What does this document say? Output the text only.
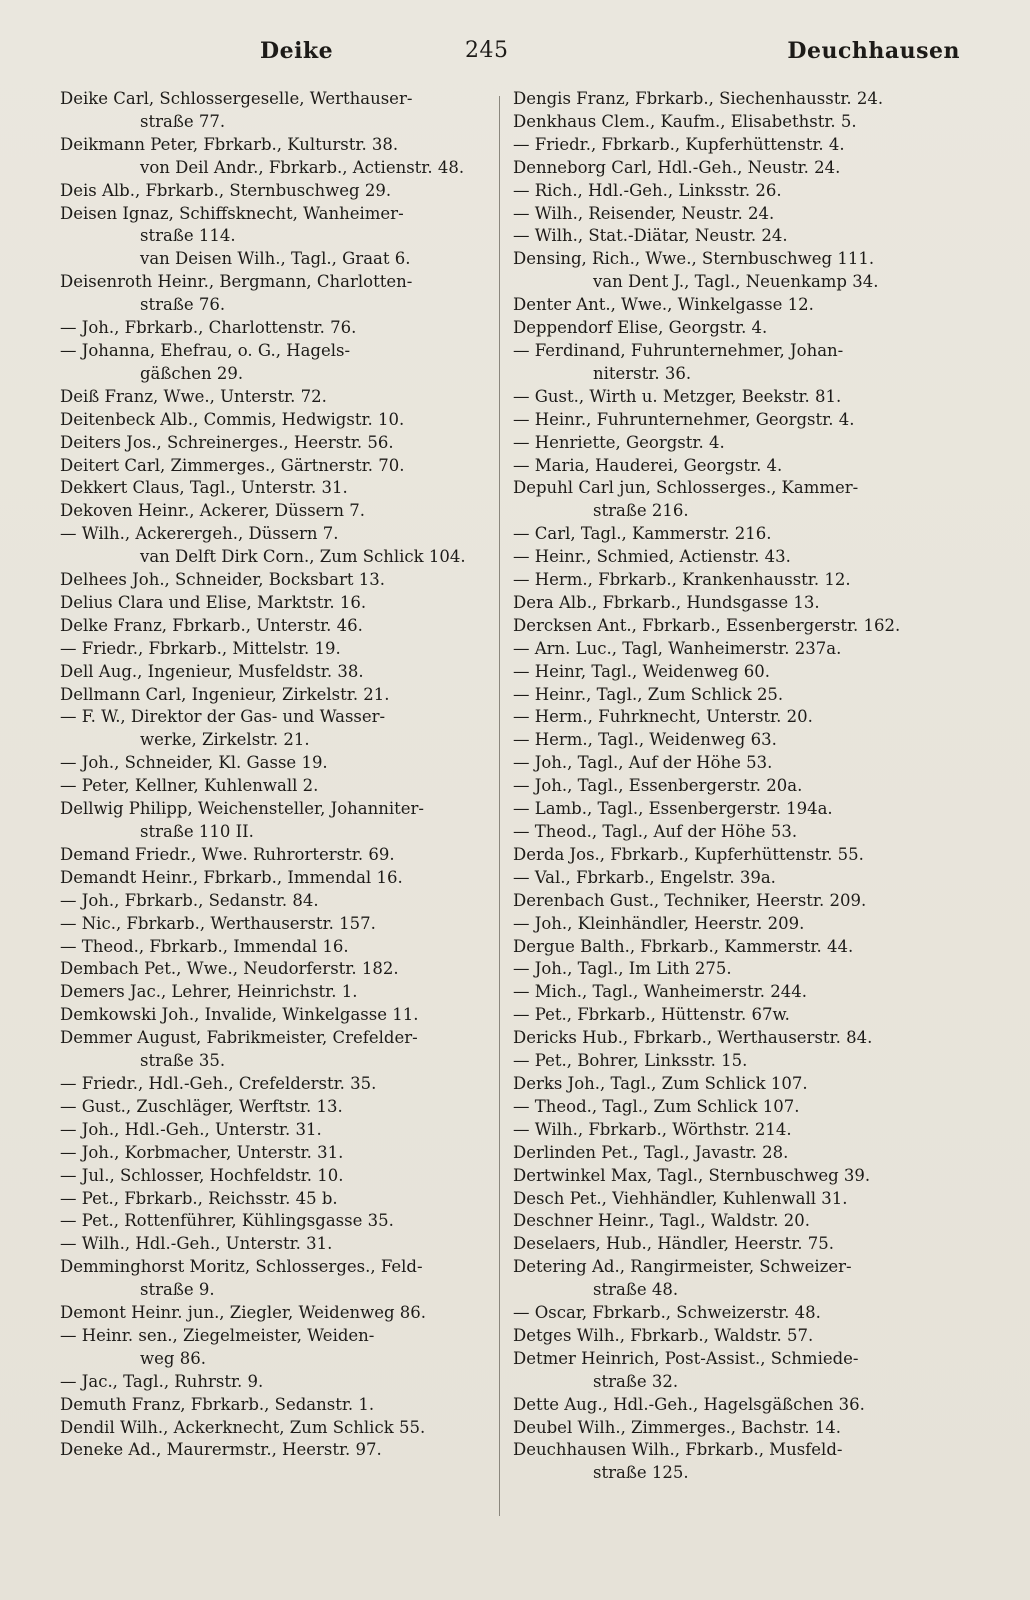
Deike	245	Deuchhausen
Deike Carl, Schlossergeselle, Werthauser-
straße 77.
Deikmann Peter, Fbrkarb., Kulturstr. 38.
von Deil Andr., Fbrkarb., Actienstr. 48.
Deis Alb., Fbrkarb., Sternbuschweg 29.
Deisen Ignaz, Schiffsknecht, Wanheimer-
straße 114.
van Deisen Wilh., Tagl., Graat 6.
Deisenroth Heinr., Bergmann, Charlotten-
straße 76.
— Joh., Fbrkarb., Charlottenstr. 76.
— Johanna, Ehefrau, o. G., Hagels-
gäßchen 29.
Deiß Franz, Wwe., Unterstr. 72.
Deitenbeck Alb., Commis, Hedwigstr. 10.
Deiters Jos., Schreinerges., Heerstr. 56.
Deitert Carl, Zimmerges., Gärtnerstr. 70.
Dekkert Claus, Tagl., Unterstr. 31.
Dekoven Heinr., Ackerer, Düssern 7.
— Wilh., Ackerergeh., Düssern 7.
van Delft Dirk Corn., Zum Schlick 104.
Delhees Joh., Schneider, Bocksbart 13.
Delius Clara und Elise, Marktstr. 16.
Delke Franz, Fbrkarb., Unterstr. 46.
— Friedr., Fbrkarb., Mittelstr. 19.
Dell Aug., Ingenieur, Musfeldstr. 38.
Dellmann Carl, Ingenieur, Zirkelstr. 21.
— F. W., Direktor der Gas- und Wasser-
werke, Zirkelstr. 21.
— Joh., Schneider, Kl. Gasse 19.
— Peter, Kellner, Kuhlenwall 2.
Dellwig Philipp, Weichensteller, Johanniter-
straße 110 II.
Demand Friedr., Wwe. Ruhrorterstr. 69.
Demandt Heinr., Fbrkarb., Immendal 16.
— Joh., Fbrkarb., Sedanstr. 84.
— Nic., Fbrkarb., Werthauserstr. 157.
— Theod., Fbrkarb., Immendal 16.
Dembach Pet., Wwe., Neudorferstr. 182.
Demers Jac., Lehrer, Heinrichstr. 1.
Demkowski Joh., Invalide, Winkelgasse 11.
Demmer August, Fabrikmeister, Crefelder-
straße 35.
— Friedr., Hdl.-Geh., Crefelderstr. 35.
— Gust., Zuschläger, Werftstr. 13.
— Joh., Hdl.-Geh., Unterstr. 31.
— Joh., Korbmacher, Unterstr. 31.
— Jul., Schlosser, Hochfeldstr. 10.
— Pet., Fbrkarb., Reichsstr. 45 b.
— Pet., Rottenführer, Kühlingsgasse 35.
— Wilh., Hdl.-Geh., Unterstr. 31.
Demminghorst Moritz, Schlosserges., Feld-
straße 9.
Demont Heinr. jun., Ziegler, Weidenweg 86.
— Heinr. sen., Ziegelmeister, Weiden-
weg 86.
— Jac., Tagl., Ruhrstr. 9.
Demuth Franz, Fbrkarb., Sedanstr. 1.
Dendil Wilh., Ackerknecht, Zum Schlick 55.
Deneke Ad., Maurermstr., Heerstr. 97.
Dengis Franz, Fbrkarb., Siechenhausstr. 24.
Denkhaus Clem., Kaufm., Elisabethstr. 5.
— Friedr., Fbrkarb., Kupferhüttenstr. 4.
Denneborg Carl, Hdl.-Geh., Neustr. 24.
— Rich., Hdl.-Geh., Linksstr. 26.
— Wilh., Reisender, Neustr. 24.
— Wilh., Stat.-Diätar, Neustr. 24.
Densing, Rich., Wwe., Sternbuschweg 111.
van Dent J., Tagl., Neuenkamp 34.
Denter Ant., Wwe., Winkelgasse 12.
Deppendorf Elise, Georgstr. 4.
— Ferdinand, Fuhrunternehmer, Johan-
niterstr. 36.
— Gust., Wirth u. Metzger, Beekstr. 81.
— Heinr., Fuhrunternehmer, Georgstr. 4.
— Henriette, Georgstr. 4.
— Maria, Hauderei, Georgstr. 4.
Depuhl Carl jun, Schlosserges., Kammer-
straße 216.
— Carl, Tagl., Kammerstr. 216.
— Heinr., Schmied, Actienstr. 43.
— Herm., Fbrkarb., Krankenhausstr. 12.
Dera Alb., Fbrkarb., Hundsgasse 13.
Dercksen Ant., Fbrkarb., Essenbergerstr. 162.
— Arn. Luc., Tagl, Wanheimerstr. 237a.
— Heinr, Tagl., Weidenweg 60.
— Heinr., Tagl., Zum Schlick 25.
— Herm., Fuhrknecht, Unterstr. 20.
— Herm., Tagl., Weidenweg 63.
— Joh., Tagl., Auf der Höhe 53.
— Joh., Tagl., Essenbergerstr. 20a.
— Lamb., Tagl., Essenbergerstr. 194a.
— Theod., Tagl., Auf der Höhe 53.
Derda Jos., Fbrkarb., Kupferhüttenstr. 55.
— Val., Fbrkarb., Engelstr. 39a.
Derenbach Gust., Techniker, Heerstr. 209.
— Joh., Kleinhändler, Heerstr. 209.
Dergue Balth., Fbrkarb., Kammerstr. 44.
— Joh., Tagl., Im Lith 275.
— Mich., Tagl., Wanheimerstr. 244.
— Pet., Fbrkarb., Hüttenstr. 67w.
Dericks Hub., Fbrkarb., Werthauserstr. 84.
— Pet., Bohrer, Linksstr. 15.
Derks Joh., Tagl., Zum Schlick 107.
— Theod., Tagl., Zum Schlick 107.
— Wilh., Fbrkarb., Wörthstr. 214.
Derlinden Pet., Tagl., Javastr. 28.
Dertwinkel Max, Tagl., Sternbuschweg 39.
Desch Pet., Viehhändler, Kuhlenwall 31.
Deschner Heinr., Tagl., Waldstr. 20.
Deselaers, Hub., Händler, Heerstr. 75.
Detering Ad., Rangirmeister, Schweizer-
straße 48.
— Oscar, Fbrkarb., Schweizerstr. 48.
Detges Wilh., Fbrkarb., Waldstr. 57.
Detmer Heinrich, Post-Assist., Schmiede-
straße 32.
Dette Aug., Hdl.-Geh., Hagelsgäßchen 36.
Deubel Wilh., Zimmerges., Bachstr. 14.
Deuchhausen Wilh., Fbrkarb., Musfeld-
straße 125.
